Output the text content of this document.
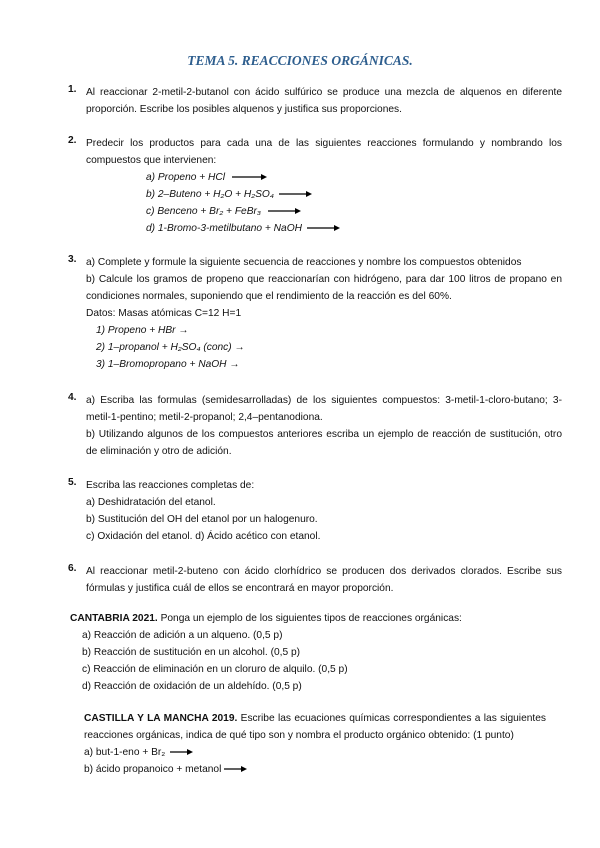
TEMA 5. REACCIONES ORGÁNICAS.
1. Al reaccionar 2-metil-2-butanol con ácido sulfúrico se produce una mezcla de alquenos en diferente proporción. Escribe los posibles alquenos y justifica sus proporciones.
2. Predecir los productos para cada una de las siguientes reacciones formulando y nombrando los compuestos que intervienen:
a) Propeno + HCl
b) 2–Buteno + H₂O + H₂SO₄
c) Benceno + Br₂ + FeBr₃
d) 1-Bromo-3-metilbutano + NaOH
3. a) Complete y formule la siguiente secuencia de reacciones y nombre los compuestos obtenidos
b) Calcule los gramos de propeno que reaccionarían con hidrógeno, para dar 100 litros de propano en condiciones normales, suponiendo que el rendimiento de la reacción es del 60%.
Datos: Masas atómicas C=12 H=1
1) Propeno + HBr →
2) 1–propanol + H₂SO₄ (conc) →
3) 1–Bromopropano + NaOH →
4. a) Escriba las formulas (semidesarrolladas) de los siguientes compuestos: 3-metil-1-cloro-butano; 3-metil-1-pentino; metil-2-propanol; 2,4–pentanodiona.
b) Utilizando algunos de los compuestos anteriores escriba un ejemplo de reacción de sustitución, otro de eliminación y otro de adición.
5. Escriba las reacciones completas de:
a) Deshidratación del etanol.
b) Sustitución del OH del etanol por un halogenuro.
c) Oxidación del etanol. d) Ácido acético con etanol.
6. Al reaccionar metil-2-buteno con ácido clorhídrico se producen dos derivados clorados. Escribe sus fórmulas y justifica cuál de ellos se encontrará en mayor proporción.
CANTABRIA 2021. Ponga un ejemplo de los siguientes tipos de reacciones orgánicas:
a) Reacción de adición a un alqueno. (0,5 p)
b) Reacción de sustitución en un alcohol. (0,5 p)
c) Reacción de eliminación en un cloruro de alquilo. (0,5 p)
d) Reacción de oxidación de un aldehído. (0,5 p)
CASTILLA Y LA MANCHA 2019. Escribe las ecuaciones químicas correspondientes a las siguientes reacciones orgánicas, indica de qué tipo son y nombra el producto orgánico obtenido: (1 punto)
a) but-1-eno + Br₂
b) ácido propanoico + metanol
